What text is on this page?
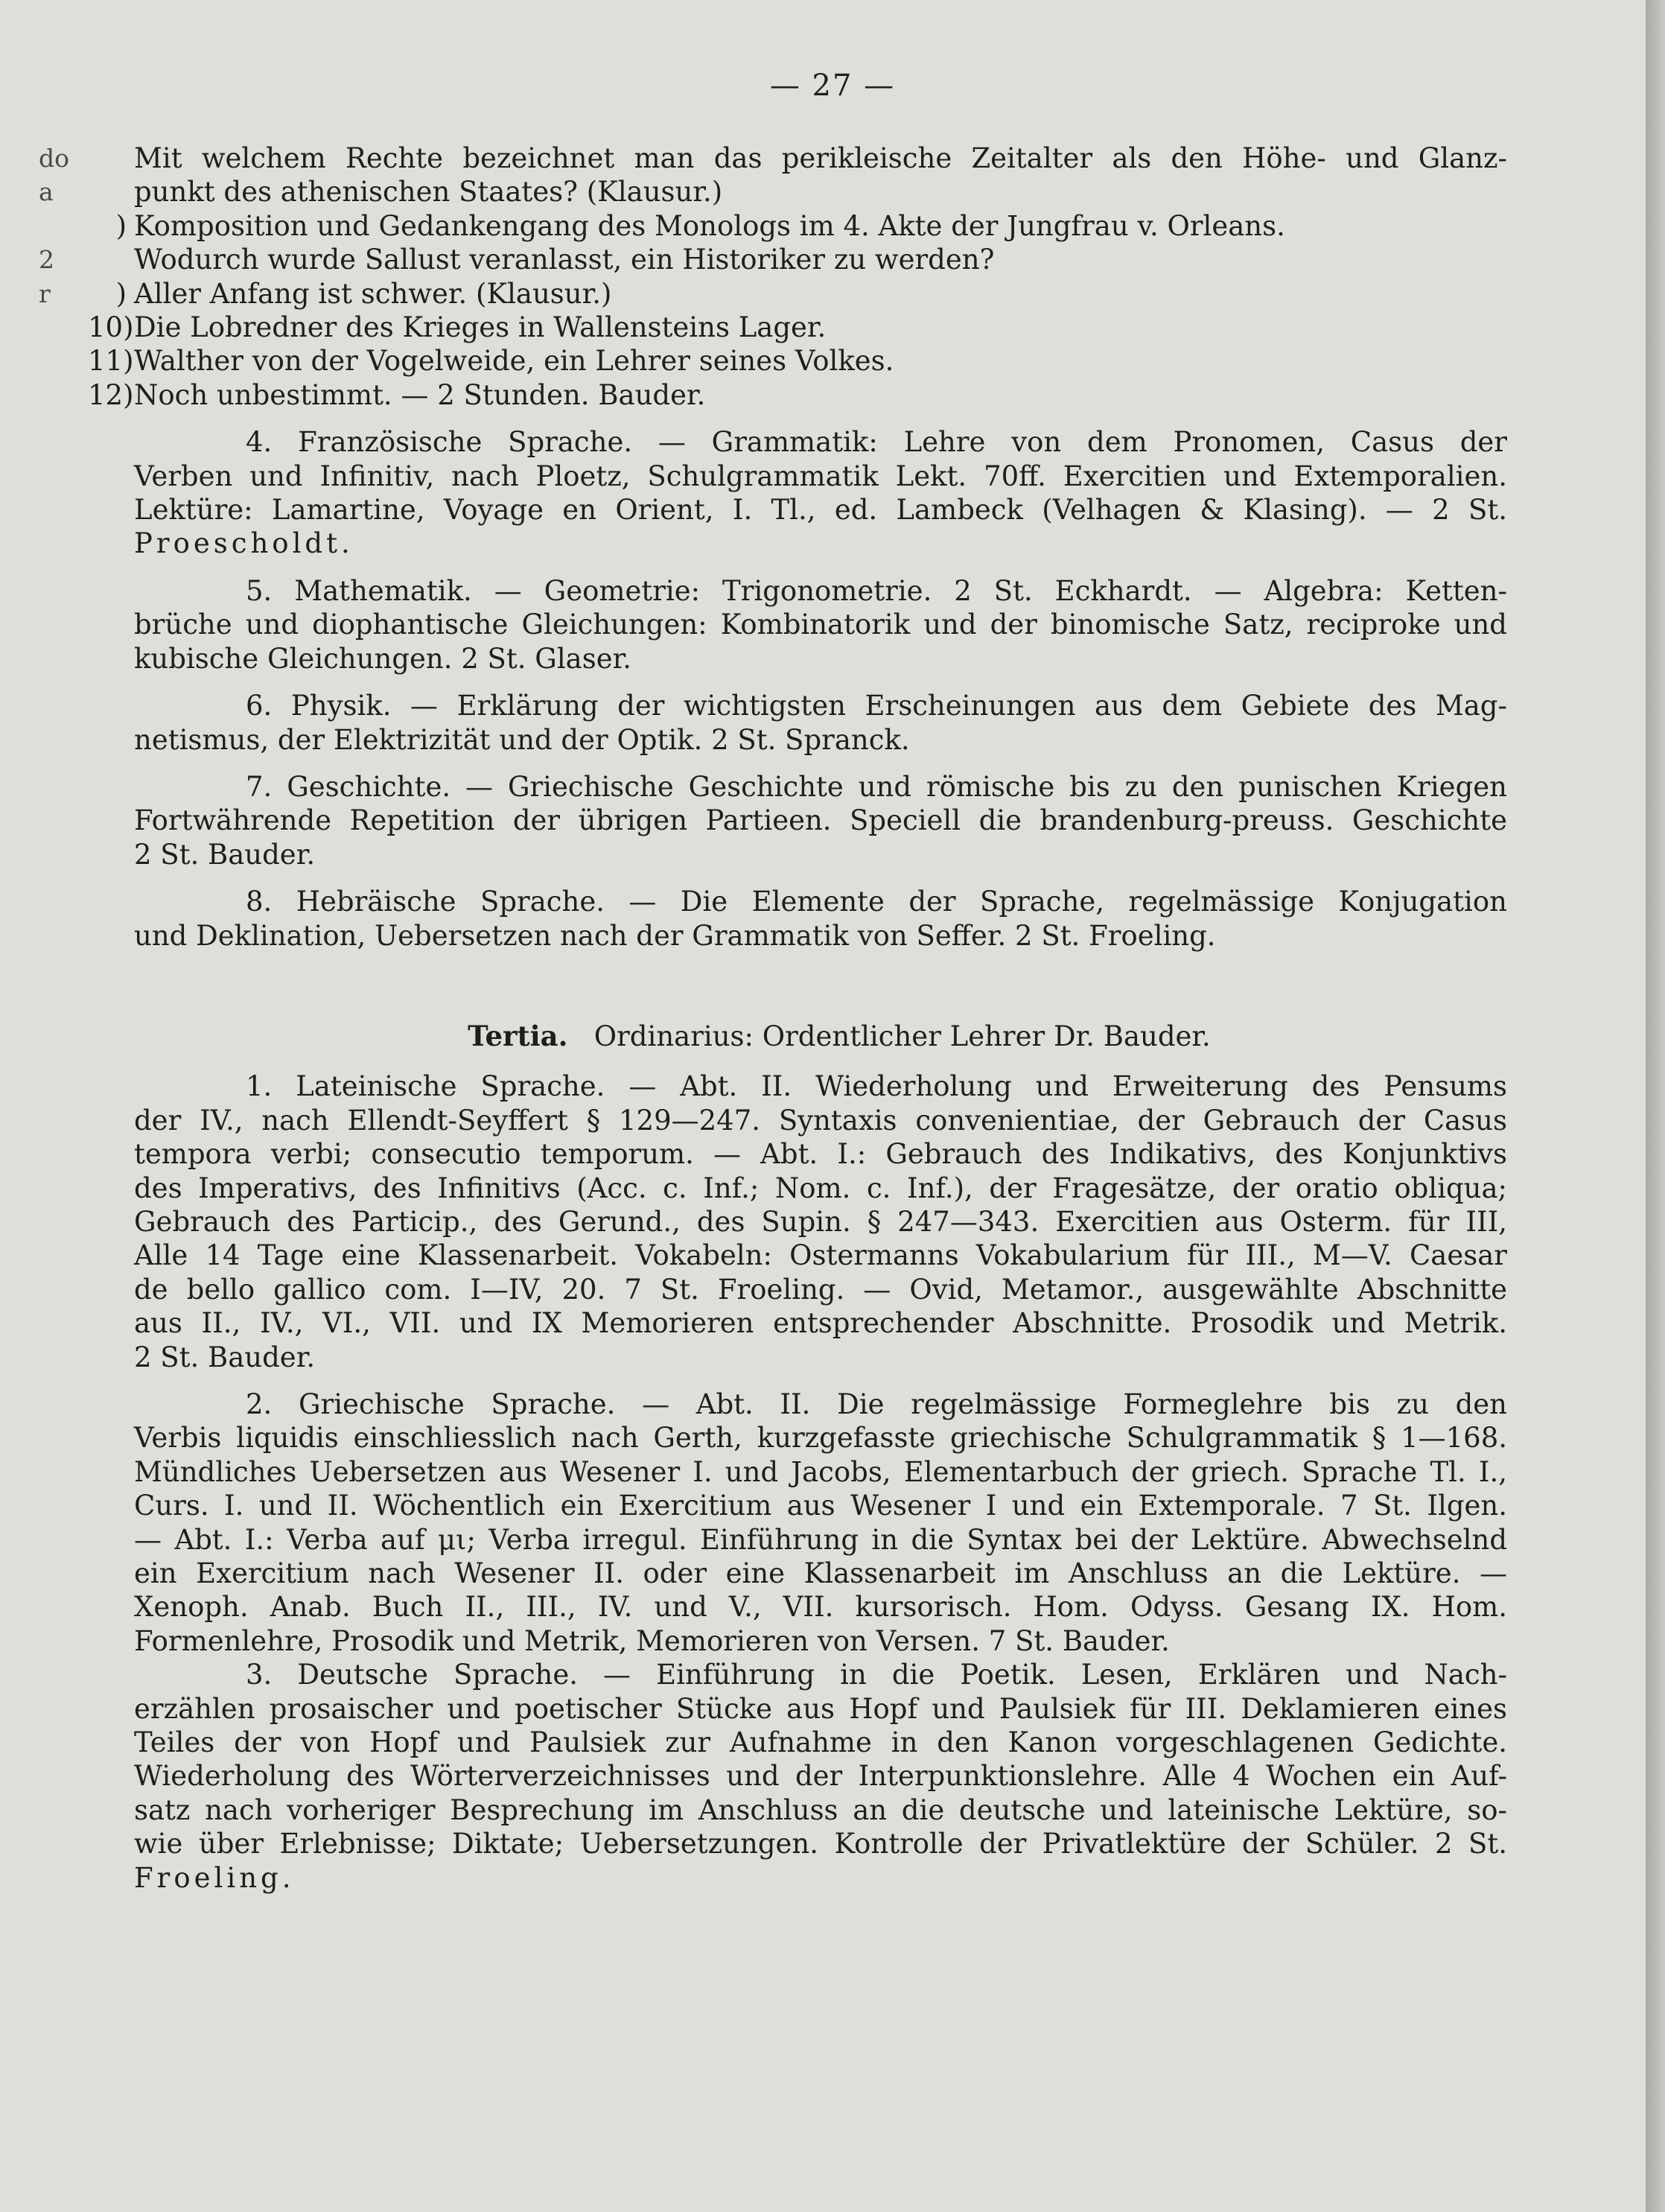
— 27 —
do Mit welchem Rechte bezeichnet man das perikleische Zeitalter als den Höhe- und Glanz-
a	punkt des athenischen Staates? (Klausur.)
) Komposition und Gedankengang des Monologs im 4. Akte der Jungfrau v. Orleans.
2	Wodurch wurde Sallust veranlasst, ein Historiker zu werden?
r	) Aller Anfang ist schwer. (Klausur.)
10) Die Lobredner des Krieges in Wallensteins Lager.
11) Walther von der Vogelweide, ein Lehrer seines Volkes.
12) Noch unbestimmt. — 2 Stunden. Bauder.
4. Französische Sprache. — Grammatik: Lehre von dem Pronomen, Casus der
Verben und Infinitiv, nach Ploetz, Schulgrammatik Lekt. 70ff. Exercitien und Extemporalien.
Lektüre: Lamartine, Voyage en Orient, I. Tl., ed. Lambeck (Velhagen & Klasing). — 2 St.
Proescholdt.
5. Mathematik. — Geometrie: Trigonometrie. 2 St. Eckhardt. — Algebra: Ketten-
brüche und diophantische Gleichungen: Kombinatorik und der binomische Satz, reciproke und
kubische Gleichungen. 2 St. Glaser.
6. Physik. — Erklärung der wichtigsten Erscheinungen aus dem Gebiete des Mag-
netismus, der Elektrizität und der Optik. 2 St. Spranck.
7. Geschichte. — Griechische Geschichte und römische bis zu den punischen Kriegen
Fortwährende Repetition der übrigen Partieen. Speciell die brandenburg-preuss. Geschichte
2 St. Bauder.
8. Hebräische Sprache. — Die Elemente der Sprache, regelmässige Konjugation
und Deklination, Uebersetzen nach der Grammatik von Seffer. 2 St. Froeling.
Tertia. Ordinarius: Ordentlicher Lehrer Dr. Bauder.
1. Lateinische Sprache. — Abt. II. Wiederholung und Erweiterung des Pensums
der IV., nach Ellendt-Seyffert § 129—247. Syntaxis convenientiae, der Gebrauch der Casus
tempora verbi; consecutio temporum. — Abt. I.: Gebrauch des Indikativs, des Konjunktivs
des Imperativs, des Infinitivs (Acc. c. Inf.; Nom. c. Inf.), der Fragesätze, der oratio obliqua;
Gebrauch des Particip., des Gerund., des Supin. § 247—343. Exercitien aus Osterm. für III,
Alle 14 Tage eine Klassenarbeit. Vokabeln: Ostermanns Vokabularium für III., M—V. Caesar
de bello gallico com. I—IV, 20. 7 St. Froeling. — Ovid, Metamor., ausgewählte Abschnitte
aus II., IV., VI., VII. und IX Memorieren entsprechender Abschnitte. Prosodik und Metrik.
2 St. Bauder.
2. Griechische Sprache. — Abt. II. Die regelmässige Formeglehre bis zu den
Verbis liquidis einschliesslich nach Gerth, kurzgefasste griechische Schulgrammatik § 1—168.
Mündliches Uebersetzen aus Wesener I. und Jacobs, Elementarbuch der griech. Sprache Tl. I.,
Curs. I. und II. Wöchentlich ein Exercitium aus Wesener I und ein Extemporale. 7 St. Ilgen.
— Abt. I.: Verba auf μι; Verba irregul. Einführung in die Syntax bei der Lektüre. Abwechselnd
ein Exercitium nach Wesener II. oder eine Klassenarbeit im Anschluss an die Lektüre. —
Xenoph. Anab. Buch II., III., IV. und V., VII. kursorisch. Hom. Odyss. Gesang IX. Hom.
Formenlehre, Prosodik und Metrik, Memorieren von Versen. 7 St. Bauder.
3. Deutsche Sprache. — Einführung in die Poetik. Lesen, Erklären und Nach-
erzählen prosaischer und poetischer Stücke aus Hopf und Paulsiek für III. Deklamieren eines
Teiles der von Hopf und Paulsiek zur Aufnahme in den Kanon vorgeschlagenen Gedichte.
Wiederholung des Wörterverzeichnisses und der Interpunktionslehre. Alle 4 Wochen ein Auf-
satz nach vorheriger Besprechung im Anschluss an die deutsche und lateinische Lektüre, so-
wie über Erlebnisse; Diktate; Uebersetzungen. Kontrolle der Privatlektüre der Schüler. 2 St.
Froeling.
